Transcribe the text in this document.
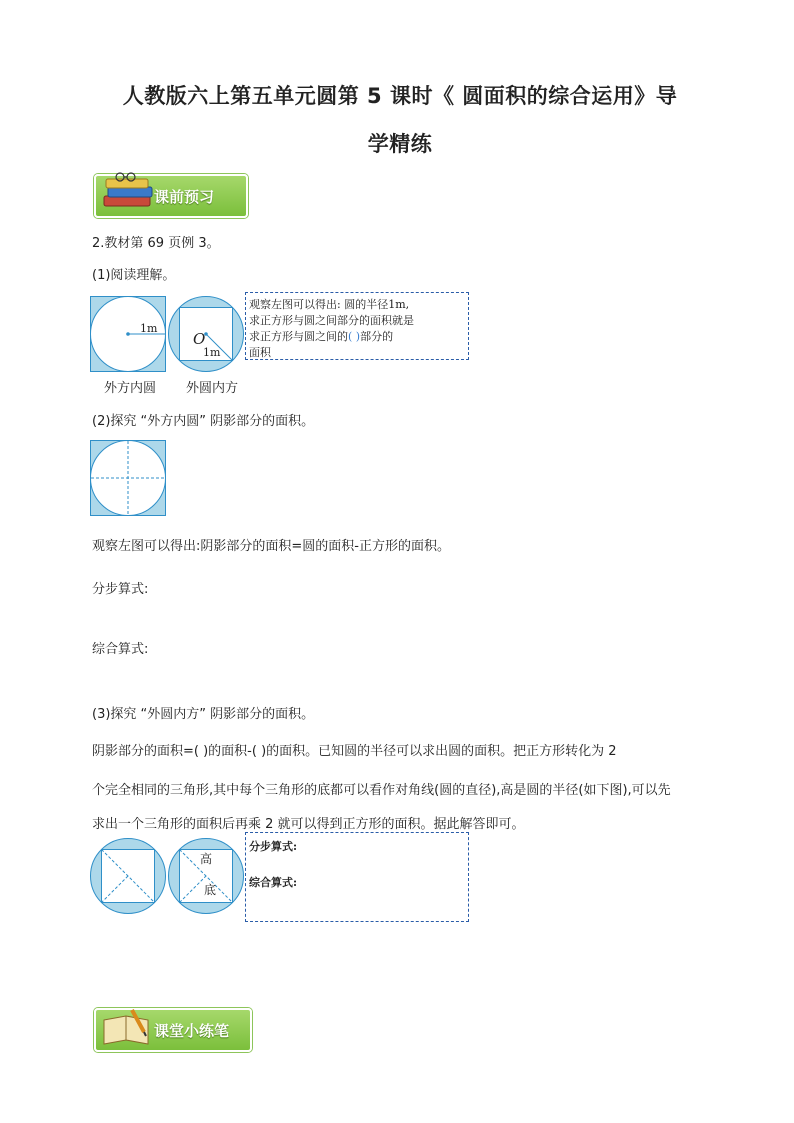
人教版六上第五单元圆第 5 课时《 圆面积的综合运用》导
学精练
课前预习
2.教材第 69 页例 3。
(1)阅读理解。
1m
O
1m
外方内圆 外圆内方
观察左图可以得出: 圆的半径1m,
求正方形与圆之间部分的面积就是
求正方形与圆之间的( )部分的
面积
(2)探究 “外方内圆” 阴影部分的面积。
观察左图可以得出:阴影部分的面积=圆的面积-正方形的面积。
分步算式:
综合算式:
(3)探究 “外圆内方” 阴影部分的面积。
阴影部分的面积=( )的面积-( )的面积。已知圆的半径可以求出圆的面积。把正方形转化为 2
个完全相同的三角形,其中每个三角形的底都可以看作对角线(圆的直径),高是圆的半径(如下图),可以先
求出一个三角形的面积后再乘 2 就可以得到正方形的面积。据此解答即可。
高
底
分步算式:
综合算式:
课堂小练笔
